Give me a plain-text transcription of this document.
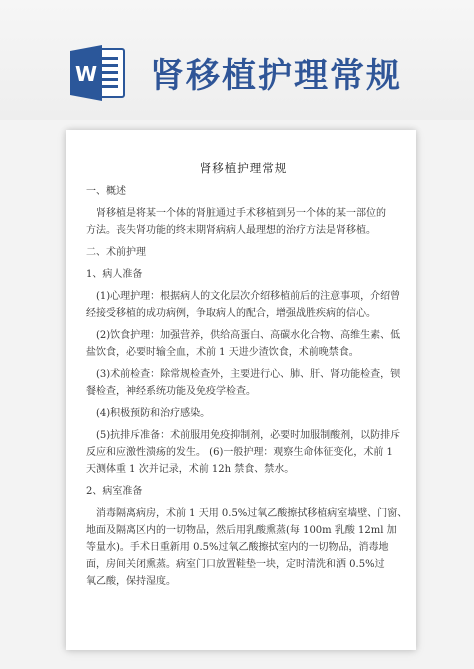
W 肾移植护理常规
肾移植护理常规
一、概述
肾移植是将某一个体的肾脏通过手术移植到另一个体的某一部位的
方法。丧失肾功能的终末期肾病病人最理想的治疗方法是肾移植。
二、术前护理
1、病人准备
(1)心理护理：根据病人的文化层次介绍移植前后的注意事项，介绍曾
经接受移植的成功病例，争取病人的配合，增强战胜疾病的信心。
(2)饮食护理：加强营养，供给高蛋白、高碳水化合物、高维生素、低
盐饮食，必要时输全血，术前 1 天进少渣饮食，术前晚禁食。
(3)术前检查：除常规检查外，主要进行心、肺、肝、肾功能检查，钡
餐检查，神经系统功能及免疫学检查。
(4)积极预防和治疗感染。
(5)抗排斥准备：术前服用免疫抑制剂，必要时加服制酸剂，以防排斥
反应和应激性溃疡的发生。 (6)一般护理：观察生命体征变化，术前 1
天测体重 1 次并记录，术前 12h 禁食、禁水。
2、病室准备
消毒隔离病房，术前 1 天用 0.5%过氧乙酸擦拭移植病室墙壁、门窗、
地面及隔离区内的一切物品，然后用乳酸熏蒸(每 100m 乳酸 12ml 加
等量水)。手术日重新用 0.5%过氧乙酸擦拭室内的一切物品，消毒地
面，房间关闭熏蒸。病室门口放置鞋垫一块，定时清洗和洒 0.5%过
氧乙酸，保持湿度。
